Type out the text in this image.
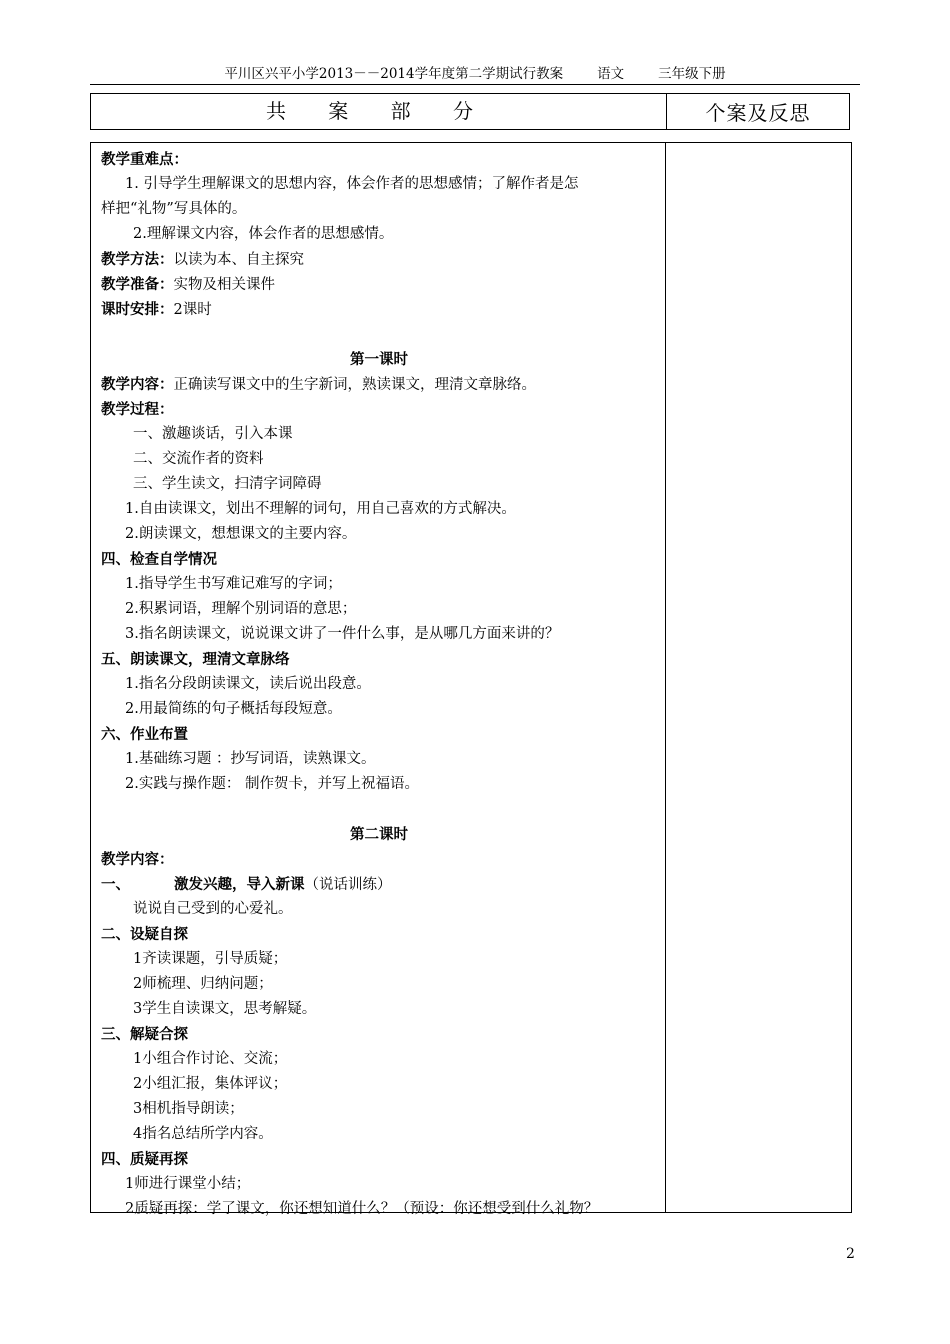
平川区兴平小学2013－－2014学年度第二学期试行教案	语文	三年级下册
共 案 部 分	个案及反思
教学重难点：
1. 引导学生理解课文的思想内容，体会作者的思想感情；了解作者是怎
样把“礼物”写具体的。
2.理解课文内容，体会作者的思想感情。
教学方法：以读为本、自主探究
教学准备：实物及相关课件
课时安排：2课时
第一课时
教学内容：正确读写课文中的生字新词，熟读课文，理清文章脉络。
教学过程：
一、激趣谈话，引入本课
二、交流作者的资料
三、学生读文，扫清字词障碍
1.自由读课文，划出不理解的词句，用自己喜欢的方式解决。
2.朗读课文，想想课文的主要内容。
四、检查自学情况
1.指导学生书写难记难写的字词；
2.积累词语，理解个别词语的意思；
3.指名朗读课文，说说课文讲了一件什么事，是从哪几方面来讲的？
五、朗读课文，理清文章脉络
1.指名分段朗读课文，读后说出段意。
2.用最简练的句子概括每段短意。
六、作业布置
1.基础练习题 ：抄写词语，读熟课文。
2.实践与操作题： 制作贺卡，并写上祝福语。
第二课时
教学内容：
一、	激发兴趣，导入新课（说话训练）
说说自己受到的心爱礼。
二、设疑自探
1齐读课题，引导质疑；
2师梳理、归纳问题；
3学生自读课文，思考解疑。
三、解疑合探
1小组合作讨论、交流；
2小组汇报，集体评议；
3相机指导朗读；
4指名总结所学内容。
四、质疑再探
1师进行课堂小结；
2质疑再探：学了课文，你还想知道什么？（预设：你还想受到什么礼物？
2
